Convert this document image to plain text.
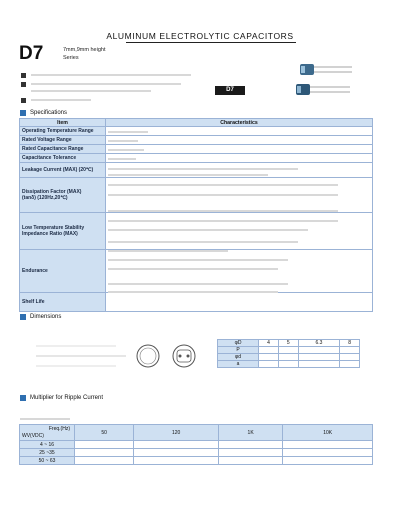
ALUMINUM ELECTROLYTIC CAPACITORS
D7	7mm,9mm height
Series
D7
Specifications
Item	Characteristics
Operating Temperature Range	
Rated Voltage Range	
Rated Capacitance Range	
Capacitance Tolerance	
Leakage Current (MAX) (20℃)	

Dissipation Factor (MAX)
(tanδ) (120Hz,20℃)	

Low Temperature Stability
Impedance Ratio (MAX)	

Endurance	
Shelf Life	
Dimensions
φD	4	5	6.3	8
P				
φd				
a				
Multiplier for Ripple Current
Freq.(Hz)
WV(VDC)	50	120	1K	10K
4 ~ 16				
25 ~35				
50 ~ 63				
